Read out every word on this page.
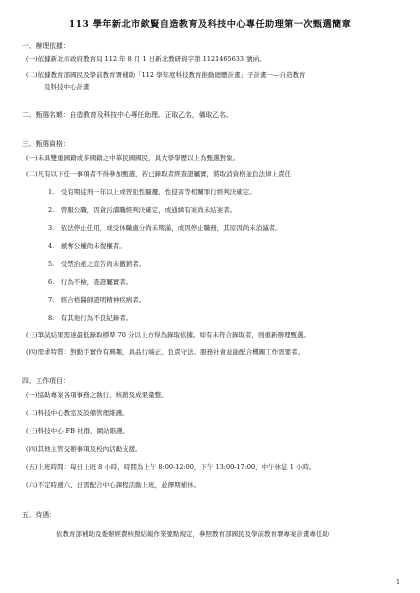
113 學年新北市欽賢自造教育及科技中心專任助理第一次甄選簡章
一、辦理依據：
(一)依據新北市政府教育局 112 年 8 月 1 日新北教研資字第 1121465633 號函。
(二)依據教育部國民及學前教育署補助「112 學年度科技教育推動總體計畫」子計畫一—自造教育
及科技中心計畫
二、甄選名額：自造教育及科技中心專任助理。正取乙名，備取乙名。
三、甄選資格：
(一)未具雙重國籍或多國籍之中華民國國民，具大學學歷以上為甄選對象。
(二)凡有以下任一事項者不得參加甄選，若已錄取者經查證屬實，將取消資格並負法律上責任
1.　受有期徒刑一年以上或曾犯性騷擾、性侵害等相關罪行經判決確定。
2.　曾服公職，因貪污瀆職經判決確定，或通緝有案尚未結案者。
3.　依法停止任用，或受休職處分尚未期滿，或因停止職務，其原因尚未消滅者。
4.　褫奪公權尚未復權者。
5.　受禁治產之宣告尚未撤銷者。
6.　行為不檢，查證屬實者。
7.　經合格醫師證明精神疾病者。
8.　有其他行為不良紀錄者。
(三)筆試結果需達最低錄取標準 70 分以上方得為錄取依據。如有未符合錄取者，則重新辦理甄選。
(四)需求特質：對動手實作有興趣，具品行端正、負責守法、服務社會並能配合機關工作需要者。
四、工作項目：
(一)協助專案各項事務之執行，核銷及成果彙整。
(二)科技中心教室及設備管理維護。
(三)科技中心 FB 社群、網站維護。
(四)其他主管交辦事項及校內活動支援。
(五)上班時間：每日上班 8 小時，時間為上午 8:00-12:00，下午 13:00-17:00，中午休息 1 小時。
(六)不定時週六、日需配合中心課程活動上班，並擇期補休。
五、待遇：
依教育部補助及委辦經費核撥結報作業要點規定，參照教育部國民及學前教育署專案計畫專任助
1
